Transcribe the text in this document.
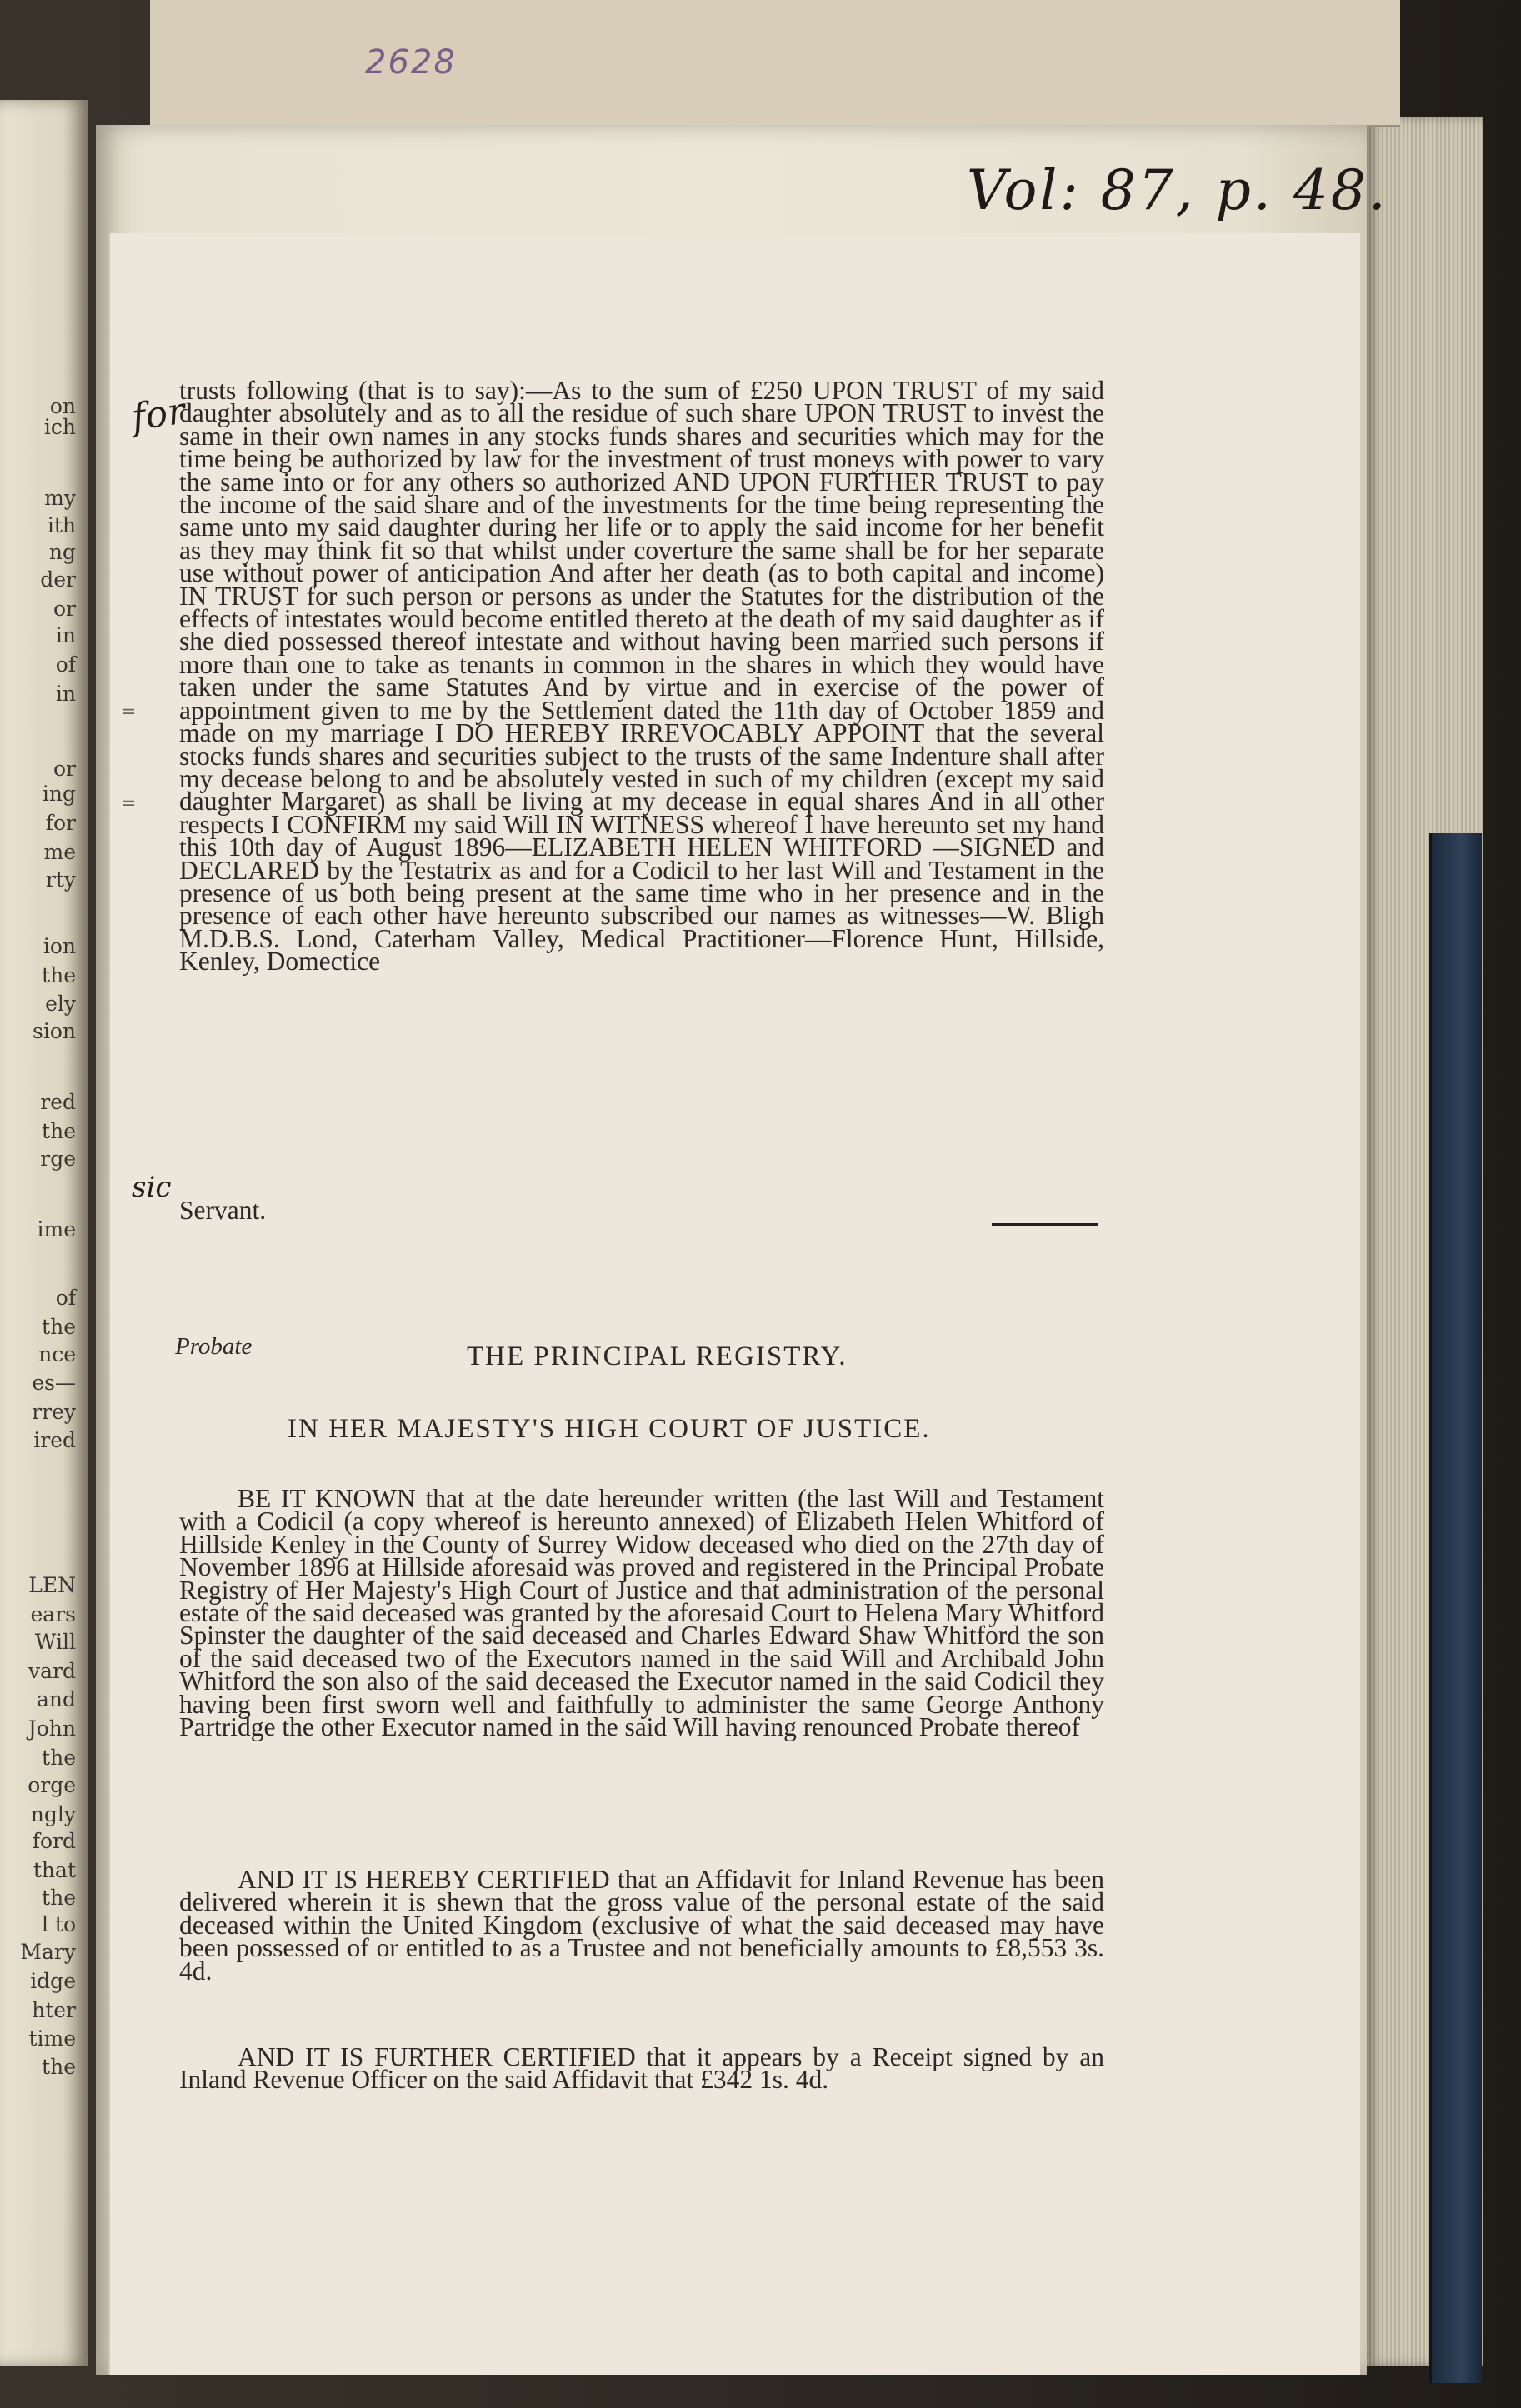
on
ich
my
ith
ng
der
or
in
of
in
or
ing
for
me
rty
ion
the
ely
sion
red
the
rge
ime
of
the
nce
es—
rrey
ired
LEN
ears
Will
vard
and
John
the
orge
ngly
ford
that
the
l to
Mary
idge
hter
time
the
2628
Vol: 87, p. 48.
for
sic
=
=

trusts following (that is to say):—As to the sum of £250 UPON TRUST of my said daughter absolutely and as to all the residue of such share UPON TRUST to invest the same in their own names in any stocks funds shares and securities which may for the time being be authorized by law for the investment of trust moneys with power to vary the same into or for any others so authorized AND UPON FURTHER TRUST to pay the income of the said share and of the investments for the time being representing the same unto my said daughter during her life or to apply the said income for her benefit as they may think fit so that whilst under coverture the same shall be for her separate use without power of anticipation And after her death (as to both capital and income) IN TRUST for such person or persons as under the Statutes for the distribution of the effects of intestates would become entitled thereto at the death of my said daughter as if she died possessed thereof intestate and without having been married such persons if more than one to take as tenants in common in the shares in which they would have taken under the same Statutes And by virtue and in exercise of the power of appointment given to me by the Settlement dated the 11th day of October 1859 and made on my marriage I DO HEREBY IRREVOCABLY APPOINT that the several stocks funds shares and securities subject to the trusts of the same Indenture shall after my decease belong to and be absolutely vested in such of my children (except my said daughter Margaret) as shall be living at my decease in equal shares And in all other respects I CONFIRM my said Will IN WITNESS whereof I have hereunto set my hand this 10th day of August 1896—ELIZABETH HELEN WHITFORD —SIGNED and DECLARED by the Testatrix as and for a Codicil to her last Will and Testament in the presence of us both being present at the same time who in her presence and in the presence of each other have hereunto subscribed our names as witnesses—W. Bligh M.D.B.S. Lond, Caterham Valley, Medical Practitioner—Florence Hunt, Hillside, Kenley, Domectice

Servant.
Probate	THE PRINCIPAL REGISTRY.
IN HER MAJESTY'S HIGH COURT OF JUSTICE.

BE IT KNOWN that at the date hereunder written (the last Will and Testament with a Codicil (a copy whereof is hereunto annexed) of Elizabeth Helen Whitford of Hillside Kenley in the County of Surrey Widow deceased who died on the 27th day of November 1896 at Hillside aforesaid was proved and registered in the Principal Probate Registry of Her Majesty's High Court of Justice and that administration of the personal estate of the said deceased was granted by the aforesaid Court to Helena Mary Whitford Spinster the daughter of the said deceased and Charles Edward Shaw Whitford the son of the said deceased two of the Executors named in the said Will and Archibald John Whitford the son also of the said deceased the Executor named in the said Codicil they having been first sworn well and faithfully to administer the same George Anthony Partridge the other Executor named in the said Will having renounced Probate thereof

AND IT IS HEREBY CERTIFIED that an Affidavit for Inland Revenue has been delivered wherein it is shewn that the gross value of the personal estate of the said deceased within the United Kingdom (exclusive of what the said deceased may have been possessed of or entitled to as a Trustee and not beneficially amounts to £8,553 3s. 4d.

AND IT IS FURTHER CERTIFIED that it appears by a Receipt signed by an Inland Revenue Officer on the said Affidavit that £342 1s. 4d.
